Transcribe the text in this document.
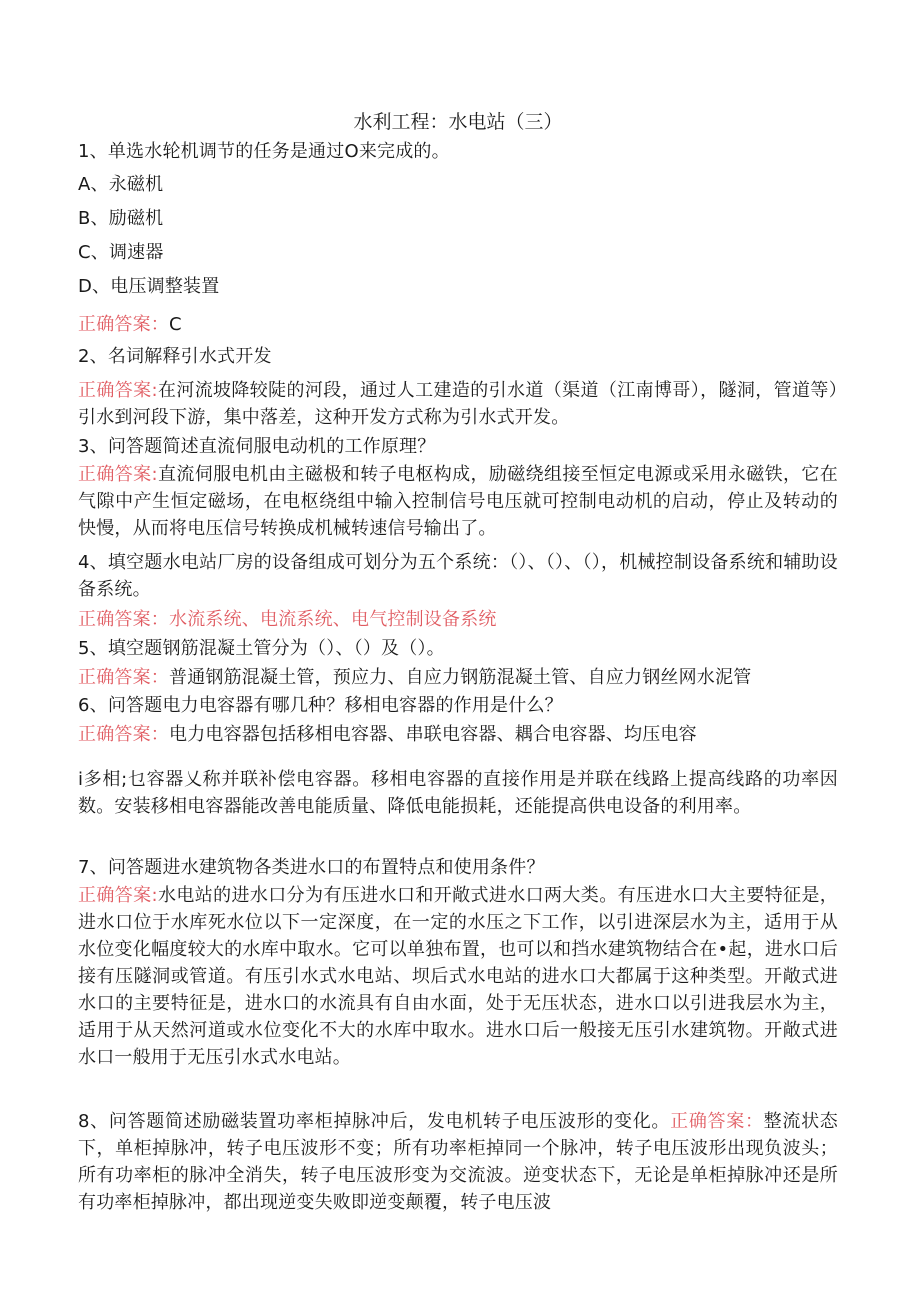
水利工程：水电站（三）
1、单选水轮机调节的任务是通过O来完成的。
A、永磁机
B、励磁机
C、调速器
D、电压调整装置
正确答案：C
2、名词解释引水式开发
正确答案:在河流坡降较陡的河段，通过人工建造的引水道（渠道（江南博哥），隧洞，管道等）引水到河段下游，集中落差，这种开发方式称为引水式开发。
3、问答题简述直流伺服电动机的工作原理？
正确答案:直流伺服电机由主磁极和转子电枢构成，励磁绕组接至恒定电源或采用永磁铁，它在气隙中产生恒定磁场，在电枢绕组中输入控制信号电压就可控制电动机的启动，停止及转动的快慢，从而将电压信号转换成机械转速信号输出了。
4、填空题水电站厂房的设备组成可划分为五个系统：（）、（）、（），机械控制设备系统和辅助设备系统。
正确答案：水流系统、电流系统、电气控制设备系统
5、填空题钢筋混凝土管分为（）、（）及（）。
正确答案：普通钢筋混凝土管，预应力、自应力钢筋混凝土管、自应力钢丝网水泥管
6、问答题电力电容器有哪几种？移相电容器的作用是什么？
正确答案：电力电容器包括移相电容器、串联电容器、耦合电容器、均压电容
i多相;乜容器乂称并联补偿电容器。移相电容器的直接作用是并联在线路上提高线路的功率因数。安装移相电容器能改善电能质量、降低电能损耗，还能提高供电设备的利用率。
7、问答题进水建筑物各类进水口的布置特点和使用条件？
正确答案:水电站的进水口分为有压进水口和开敞式进水口两大类。有压进水口大主要特征是，进水口位于水库死水位以下一定深度，在一定的水压之下工作，以引进深层水为主，适用于从水位变化幅度较大的水库中取水。它可以单独布置，也可以和挡水建筑物结合在•起，进水口后接有压隧洞或管道。有压引水式水电站、坝后式水电站的进水口大都属于这种类型。开敞式进水口的主要特征是，进水口的水流具有自由水面，处于无压状态，进水口以引进我层水为主，适用于从天然河道或水位变化不大的水库中取水。进水口后一般接无压引水建筑物。开敞式进水口一般用于无压引水式水电站。
8、问答题简述励磁装置功率柜掉脉冲后，发电机转子电压波形的变化。正确答案：整流状态下，单柜掉脉冲，转子电压波形不变；所有功率柜掉同一个脉冲，转子电压波形出现负波头；所有功率柜的脉冲全消失，转子电压波形变为交流波。逆变状态下，无论是单柜掉脉冲还是所有功率柜掉脉冲，都出现逆变失败即逆变颠覆，转子电压波
